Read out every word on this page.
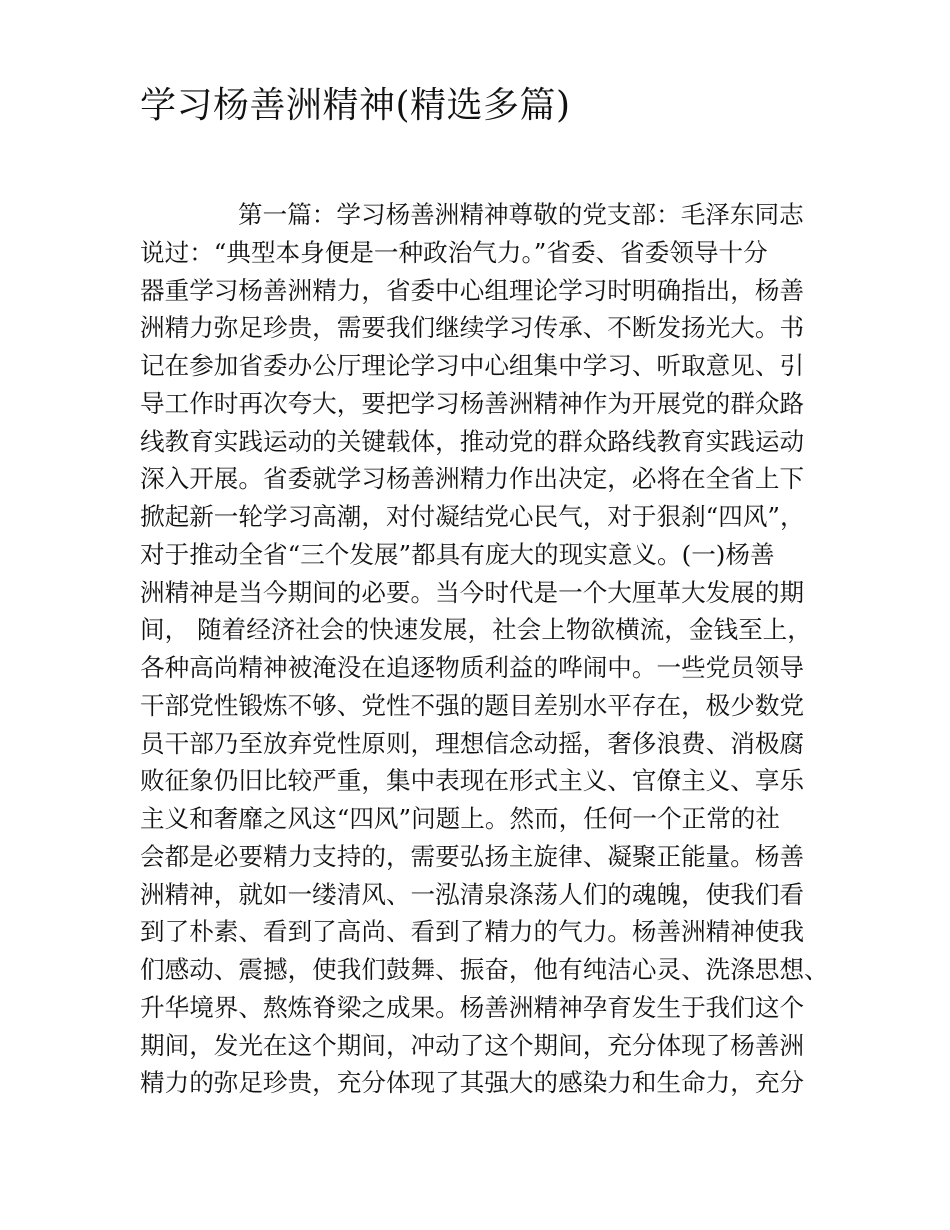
学习杨善洲精神(精选多篇)
第一篇：学习杨善洲精神尊敬的党支部：毛泽东同志
说过：“典型本身便是一种政治气力。”省委、省委领导十分
器重学习杨善洲精力，省委中心组理论学习时明确指出，杨善
洲精力弥足珍贵，需要我们继续学习传承、不断发扬光大。书
记在参加省委办公厅理论学习中心组集中学习、听取意见、引
导工作时再次夸大，要把学习杨善洲精神作为开展党的群众路
线教育实践运动的关键载体，推动党的群众路线教育实践运动
深入开展。省委就学习杨善洲精力作出决定，必将在全省上下
掀起新一轮学习高潮，对付凝结党心民气，对于狠刹“四风”，
对于推动全省“三个发展”都具有庞大的现实意义。(一)杨善
洲精神是当今期间的必要。当今时代是一个大厘革大发展的期
间， 随着经济社会的快速发展，社会上物欲横流，金钱至上，
各种高尚精神被淹没在追逐物质利益的哗闹中。一些党员领导
干部党性锻炼不够、党性不强的题目差别水平存在，极少数党
员干部乃至放弃党性原则，理想信念动摇，奢侈浪费、消极腐
败征象仍旧比较严重，集中表现在形式主义、官僚主义、享乐
主义和奢靡之风这“四风”问题上。然而，任何一个正常的社
会都是必要精力支持的，需要弘扬主旋律、凝聚正能量。杨善
洲精神，就如一缕清风、一泓清泉涤荡人们的魂魄，使我们看
到了朴素、看到了高尚、看到了精力的气力。杨善洲精神使我
们感动、震撼，使我们鼓舞、振奋，他有纯洁心灵、洗涤思想、
升华境界、熬炼脊梁之成果。杨善洲精神孕育发生于我们这个
期间，发光在这个期间，冲动了这个期间，充分体现了杨善洲
精力的弥足珍贵，充分体现了其强大的感染力和生命力，充分
